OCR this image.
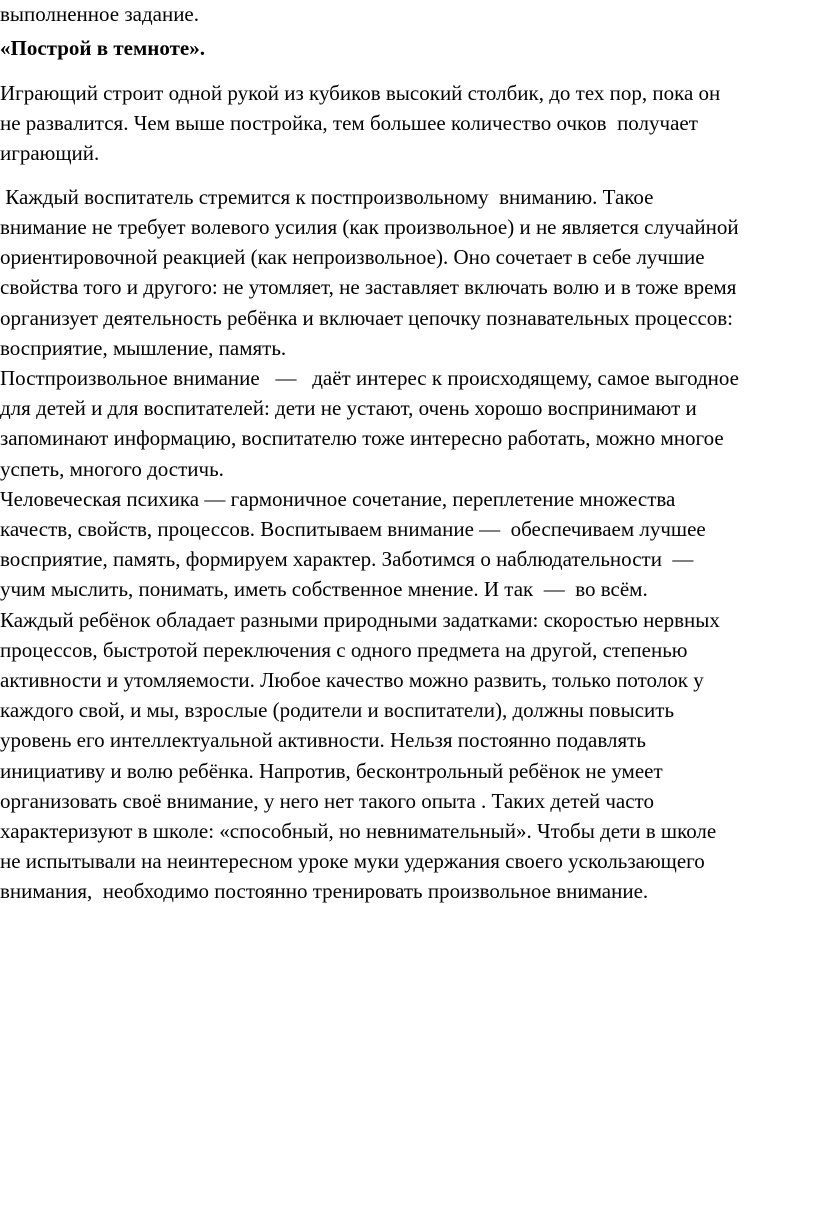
выполненное задание.
«Построй в темноте».
Играющий строит одной рукой из кубиков высокий столбик, до тех пор, пока он
не развалится. Чем выше постройка, тем большее количество очков  получает
играющий.
Каждый воспитатель стремится к постпроизвольному  вниманию. Такое
внимание не требует волевого усилия (как произвольное) и не является случайной
ориентировочной реакцией (как непроизвольное). Оно сочетает в себе лучшие
свойства того и другого: не утомляет, не заставляет включать волю и в тоже время
организует деятельность ребёнка и включает цепочку познавательных процессов:
восприятие, мышление, память.
Постпроизвольное внимание   —   даёт интерес к происходящему, самое выгодное
для детей и для воспитателей: дети не устают, очень хорошо воспринимают и
запоминают информацию, воспитателю тоже интересно работать, можно многое
успеть, многого достичь.
Человеческая психика — гармоничное сочетание, переплетение множества
качеств, свойств, процессов. Воспитываем внимание —  обеспечиваем лучшее
восприятие, память, формируем характер. Заботимся о наблюдательности  —
учим мыслить, понимать, иметь собственное мнение. И так  —  во всём.
Каждый ребёнок обладает разными природными задатками: скоростью нервных
процессов, быстротой переключения с одного предмета на другой, степенью
активности и утомляемости. Любое качество можно развить, только потолок у
каждого свой, и мы, взрослые (родители и воспитатели), должны повысить
уровень его интеллектуальной активности. Нельзя постоянно подавлять
инициативу и волю ребёнка. Напротив, бесконтрольный ребёнок не умеет
организовать своё внимание, у него нет такого опыта . Таких детей часто
характеризуют в школе: «способный, но невнимательный». Чтобы дети в школе
не испытывали на неинтересном уроке муки удержания своего ускользающего
внимания,  необходимо постоянно тренировать произвольное внимание.
